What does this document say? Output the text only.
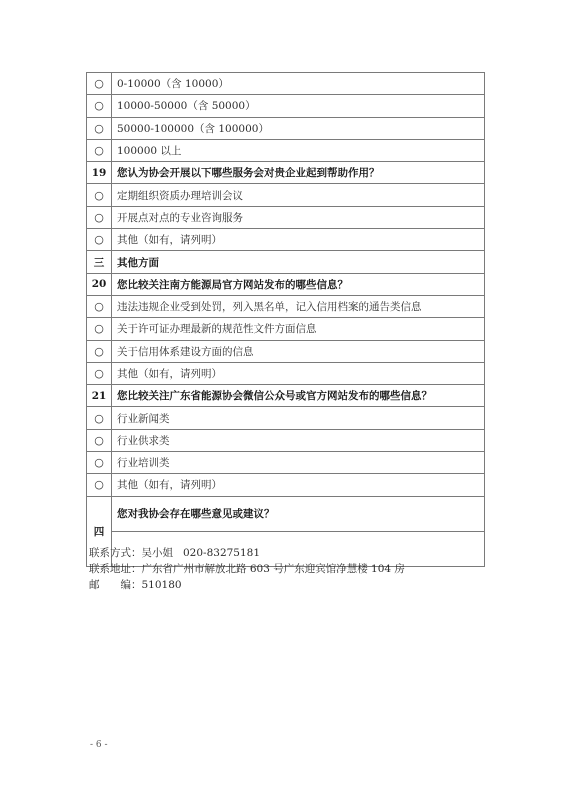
○	0-10000（含 10000）
○	10000-50000（含 50000）
○	50000-100000（含 100000）
○	100000 以上
19	您认为协会开展以下哪些服务会对贵企业起到帮助作用？
○	定期组织资质办理培训会议
○	开展点对点的专业咨询服务
○	其他（如有，请列明）
三	其他方面
20	您比较关注南方能源局官方网站发布的哪些信息？
○	违法违规企业受到处罚，列入黑名单，记入信用档案的通告类信息
○	关于许可证办理最新的规范性文件方面信息
○	关于信用体系建设方面的信息
○	其他（如有，请列明）
21	您比较关注广东省能源协会微信公众号或官方网站发布的哪些信息？
○	行业新闻类
○	行业供求类
○	行业培训类
○	其他（如有，请列明）
四	您对我协会存在哪些意见或建议？

联系方式：吴小姐 020-83275181
联系地址：广东省广州市解放北路 603 号广东迎宾馆净慧楼 104 房
邮　　编：510180
- 6 -
